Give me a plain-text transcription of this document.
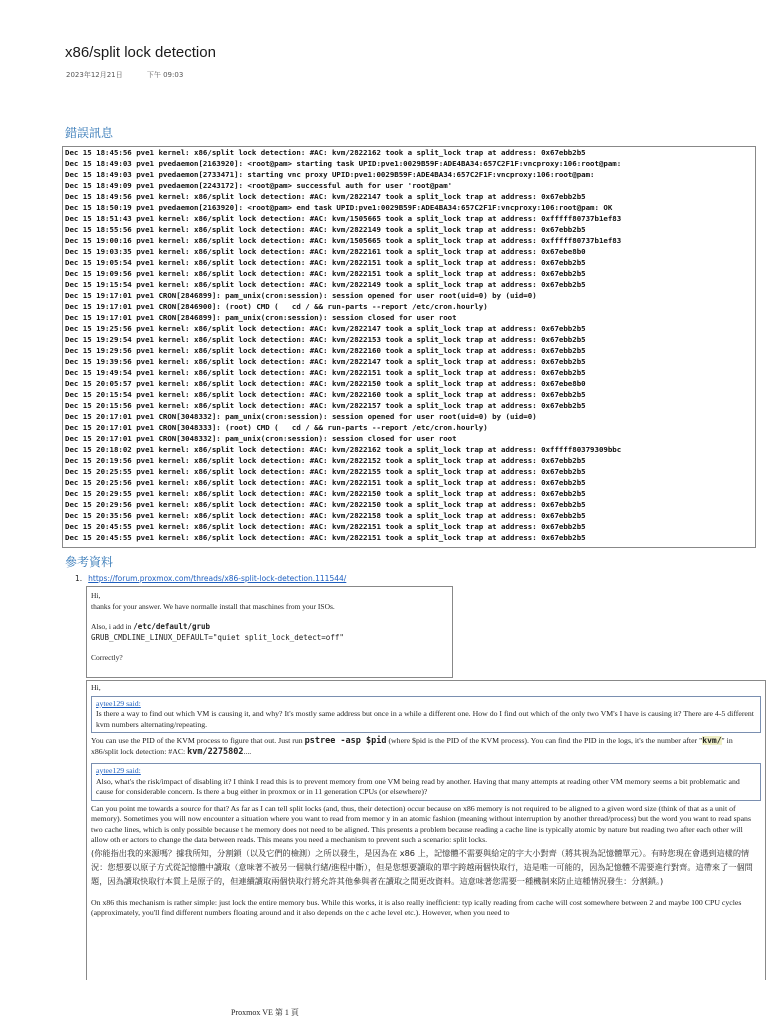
x86/split lock detection
2023年12月21日	下午 09:03
錯誤訊息
Dec 15 18:45:56 pve1 kernel: x86/split lock detection: #AC: kvm/2822162 took a split_lock trap at address: 0x67ebb2b5
Dec 15 18:49:03 pve1 pvedaemon[2163920]: <root@pam> starting task UPID:pve1:0029B59F:ADE4BA34:657C2F1F:vncproxy:106:root@pam:
Dec 15 18:49:03 pve1 pvedaemon[2733471]: starting vnc proxy UPID:pve1:0029B59F:ADE4BA34:657C2F1F:vncproxy:106:root@pam:
Dec 15 18:49:09 pve1 pvedaemon[2243172]: <root@pam> successful auth for user 'root@pam'
Dec 15 18:49:56 pve1 kernel: x86/split lock detection: #AC: kvm/2822147 took a split_lock trap at address: 0x67ebb2b5
Dec 15 18:50:19 pve1 pvedaemon[2163920]: <root@pam> end task UPID:pve1:0029B59F:ADE4BA34:657C2F1F:vncproxy:106:root@pam: OK
Dec 15 18:51:43 pve1 kernel: x86/split lock detection: #AC: kvm/1505665 took a split_lock trap at address: 0xfffff80737b1ef83
Dec 15 18:55:56 pve1 kernel: x86/split lock detection: #AC: kvm/2822149 took a split_lock trap at address: 0x67ebb2b5
Dec 15 19:00:16 pve1 kernel: x86/split lock detection: #AC: kvm/1505665 took a split_lock trap at address: 0xfffff80737b1ef83
Dec 15 19:03:35 pve1 kernel: x86/split lock detection: #AC: kvm/2822161 took a split_lock trap at address: 0x67ebe8b0
Dec 15 19:05:54 pve1 kernel: x86/split lock detection: #AC: kvm/2822151 took a split_lock trap at address: 0x67ebb2b5
Dec 15 19:09:56 pve1 kernel: x86/split lock detection: #AC: kvm/2822151 took a split_lock trap at address: 0x67ebb2b5
Dec 15 19:15:54 pve1 kernel: x86/split lock detection: #AC: kvm/2822149 took a split_lock trap at address: 0x67ebb2b5
Dec 15 19:17:01 pve1 CRON[2846899]: pam_unix(cron:session): session opened for user root(uid=0) by (uid=0)
Dec 15 19:17:01 pve1 CRON[2846900]: (root) CMD (   cd / && run-parts --report /etc/cron.hourly)
Dec 15 19:17:01 pve1 CRON[2846899]: pam_unix(cron:session): session closed for user root
Dec 15 19:25:56 pve1 kernel: x86/split lock detection: #AC: kvm/2822147 took a split_lock trap at address: 0x67ebb2b5
Dec 15 19:29:54 pve1 kernel: x86/split lock detection: #AC: kvm/2822153 took a split_lock trap at address: 0x67ebb2b5
Dec 15 19:29:56 pve1 kernel: x86/split lock detection: #AC: kvm/2822160 took a split_lock trap at address: 0x67ebb2b5
Dec 15 19:39:56 pve1 kernel: x86/split lock detection: #AC: kvm/2822147 took a split_lock trap at address: 0x67ebb2b5
Dec 15 19:49:54 pve1 kernel: x86/split lock detection: #AC: kvm/2822151 took a split_lock trap at address: 0x67ebb2b5
Dec 15 20:05:57 pve1 kernel: x86/split lock detection: #AC: kvm/2822150 took a split_lock trap at address: 0x67ebe8b0
Dec 15 20:15:54 pve1 kernel: x86/split lock detection: #AC: kvm/2822160 took a split_lock trap at address: 0x67ebb2b5
Dec 15 20:15:56 pve1 kernel: x86/split lock detection: #AC: kvm/2822157 took a split_lock trap at address: 0x67ebb2b5
Dec 15 20:17:01 pve1 CRON[3048332]: pam_unix(cron:session): session opened for user root(uid=0) by (uid=0)
Dec 15 20:17:01 pve1 CRON[3048333]: (root) CMD (   cd / && run-parts --report /etc/cron.hourly)
Dec 15 20:17:01 pve1 CRON[3048332]: pam_unix(cron:session): session closed for user root
Dec 15 20:18:02 pve1 kernel: x86/split lock detection: #AC: kvm/2822162 took a split_lock trap at address: 0xfffff80379309bbc
Dec 15 20:19:56 pve1 kernel: x86/split lock detection: #AC: kvm/2822152 took a split_lock trap at address: 0x67ebb2b5
Dec 15 20:25:55 pve1 kernel: x86/split lock detection: #AC: kvm/2822155 took a split_lock trap at address: 0x67ebb2b5
Dec 15 20:25:56 pve1 kernel: x86/split lock detection: #AC: kvm/2822151 took a split_lock trap at address: 0x67ebb2b5
Dec 15 20:29:55 pve1 kernel: x86/split lock detection: #AC: kvm/2822150 took a split_lock trap at address: 0x67ebb2b5
Dec 15 20:29:56 pve1 kernel: x86/split lock detection: #AC: kvm/2822150 took a split_lock trap at address: 0x67ebb2b5
Dec 15 20:35:56 pve1 kernel: x86/split lock detection: #AC: kvm/2822158 took a split_lock trap at address: 0x67ebb2b5
Dec 15 20:45:55 pve1 kernel: x86/split lock detection: #AC: kvm/2822151 took a split_lock trap at address: 0x67ebb2b5
Dec 15 20:45:55 pve1 kernel: x86/split lock detection: #AC: kvm/2822151 took a split_lock trap at address: 0x67ebb2b5
參考資料
1. https://forum.proxmox.com/threads/x86-split-lock-detection.111544/

Hi,

thanks for your answer. We have normalle install that maschines from your ISOs.

Also, i add in /etc/default/grub

GRUB_CMDLINE_LINUX_DEFAULT="quiet split_lock_detect=off"

Correctly?

Hi,

aytee129 said:

Is there a way to find out which VM is causing it, and why? It's mostly same address but once in a while a different one. How do I find out which of the only two VM's I have is causing it? There are 4-5 different kvm numbers alternating/repeating.

You can use the PID of the KVM process to figure that out. Just run pstree -asp $pid (where $pid is the PID of the KVM process). You can find the PID in the logs, it's the number after "kvm/" in x86/split lock detection: #AC: kvm/2275802....

aytee129 said:

Also, what's the risk/impact of disabling it? I think I read this is to prevent memory from one VM being read by another. Having that many attempts at reading other VM memory seems a bit problematic and cause for considerable concern. Is there a bug either in proxmox or in 11 generation CPUs (or elsewhere)?

Can you point me towards a source for that? As far as I can tell split locks (and, thus, their detection) occur because on x86 memory is not required to be aligned to a given word size (think of that as a unit of memory). Sometimes you will now encounter a situation where you want to read from memor y in an atomic fashion (meaning without interruption by another thread/process) but the word you want to read spans two cache lines, which is only possible because t he memory does not need to be aligned. This presents a problem because reading a cache line is typically atomic by nature but reading two after each other will allow oth er actors to change the data between reads. This means you need a mechanism to prevent such a scenario: split locks.

(你能指出我的來源嗎？據我所知，分割鎖（以及它們的檢測）之所以發生，是因為在 x86 上，記憶體不需要與給定的字大小對齊（將其視為記憶體單元）。有時您現在會遇到這樣的情況：您想要以原子方式從記憶體中讀取（意味著不被另一個執行緒/進程中斷），但是您想要讀取的單字跨越兩個快取行，這是唯一可能的，因為記憶體不需要進行對齊。這帶來了一個問題，因為讀取快取行本質上是原子的，但連續讀取兩個快取行將允許其他參與者在讀取之間更改資料。這意味著您需要一種機制來防止這種情況發生：分割鎖。)

On x86 this mechanism is rather simple: just lock the entire memory bus. While this works, it is also really inefficient: typ ically reading from cache will cost somewhere between 2 and maybe 100 CPU cycles (approximately, you'll find different numbers floating around and it also depends on the c ache level etc.). However, when you need to

Proxmox VE 第 1 頁
